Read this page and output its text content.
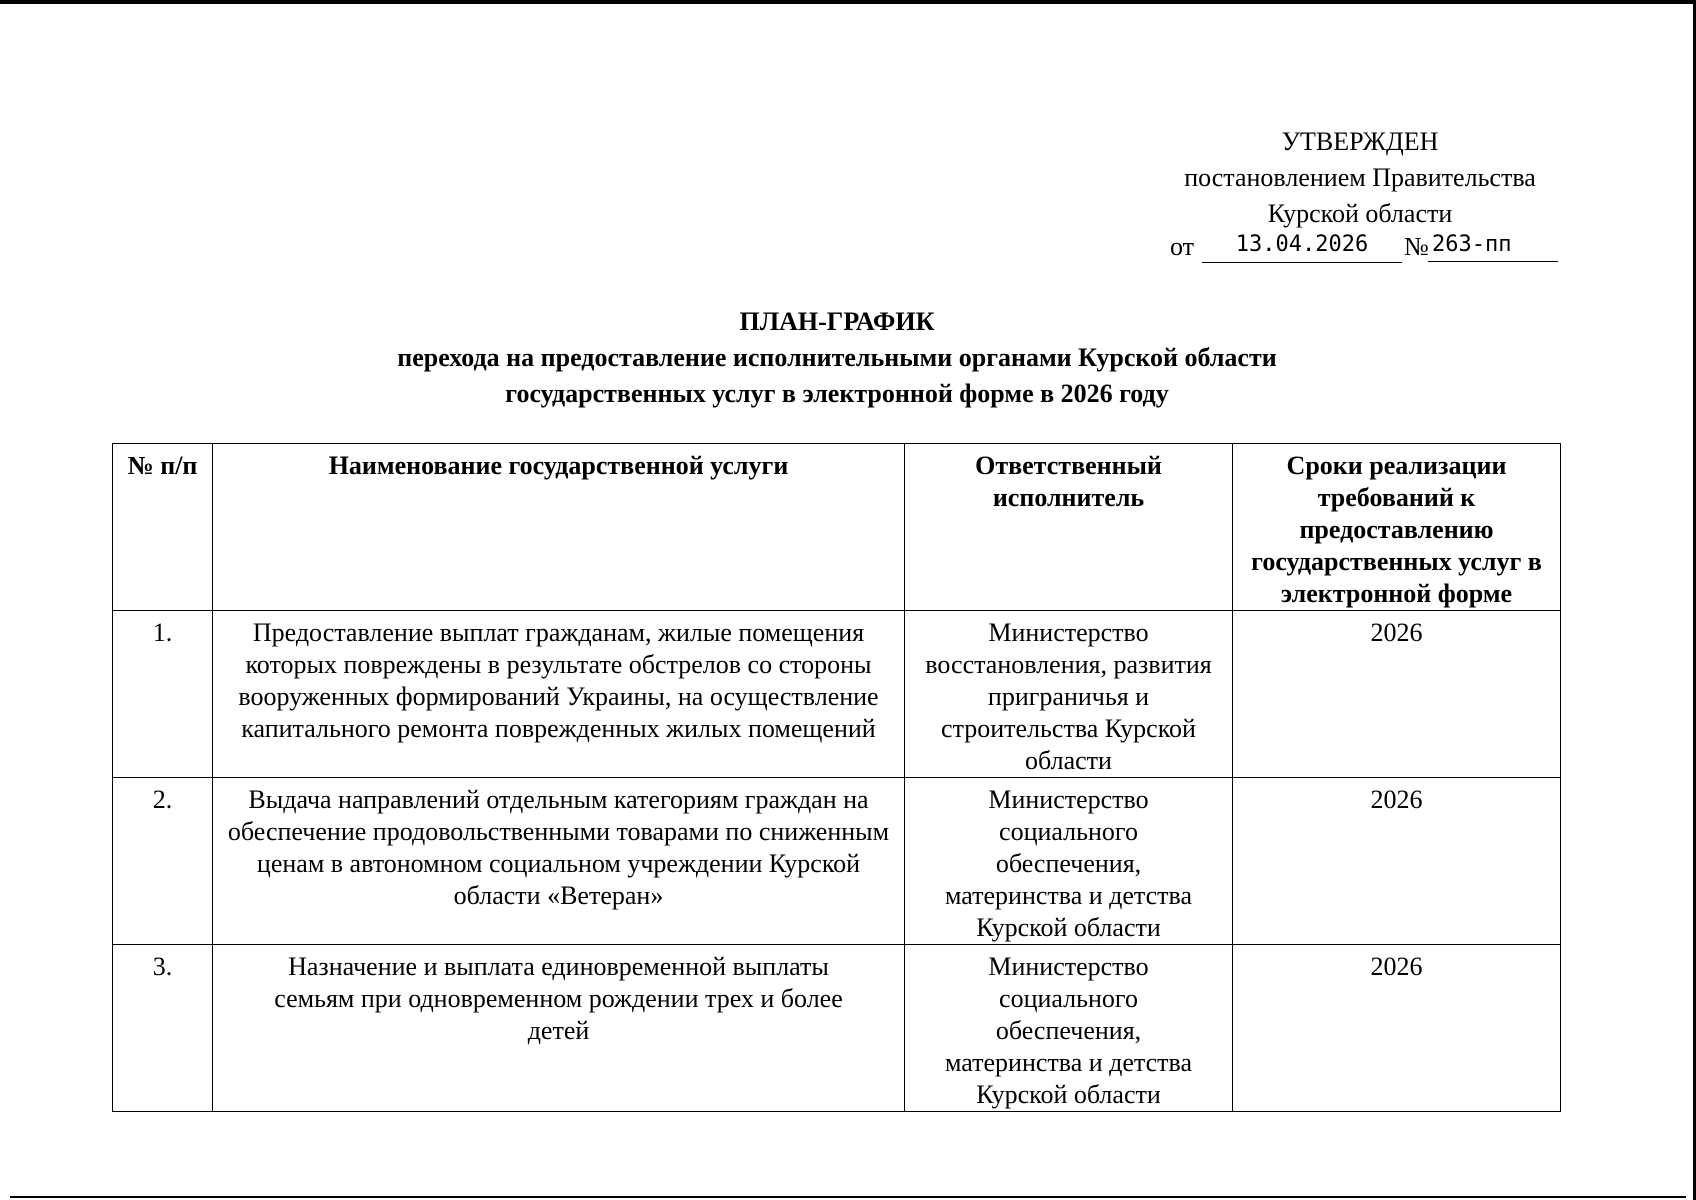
УТВЕРЖДЕН
постановлением Правительства
Курской области
от	13.04.2026	№ 263-пп
ПЛАН-ГРАФИК
перехода на предоставление исполнительными органами Курской области
государственных услуг в электронной форме в 2026 году
№ п/п	Наименование государственной услуги	Ответственный исполнитель	Сроки реализации требований к предоставлению государственных услуг в электронной форме
1.	Предоставление выплат гражданам, жилые помещения которых повреждены в результате обстрелов со стороны вооруженных формирований Украины, на осуществление капитального ремонта поврежденных жилых помещений	Министерство восстановления, развития приграничья и строительства Курской области	2026
2.	Выдача направлений отдельным категориям граждан на обеспечение продовольственными товарами по сниженным ценам в автономном социальном учреждении Курской области «Ветеран»	Министерство социального обеспечения, материнства и детства Курской области	2026
3.	Назначение и выплата единовременной выплаты семьям при одновременном рождении трех и более детей	Министерство социального обеспечения, материнства и детства Курской области	2026
